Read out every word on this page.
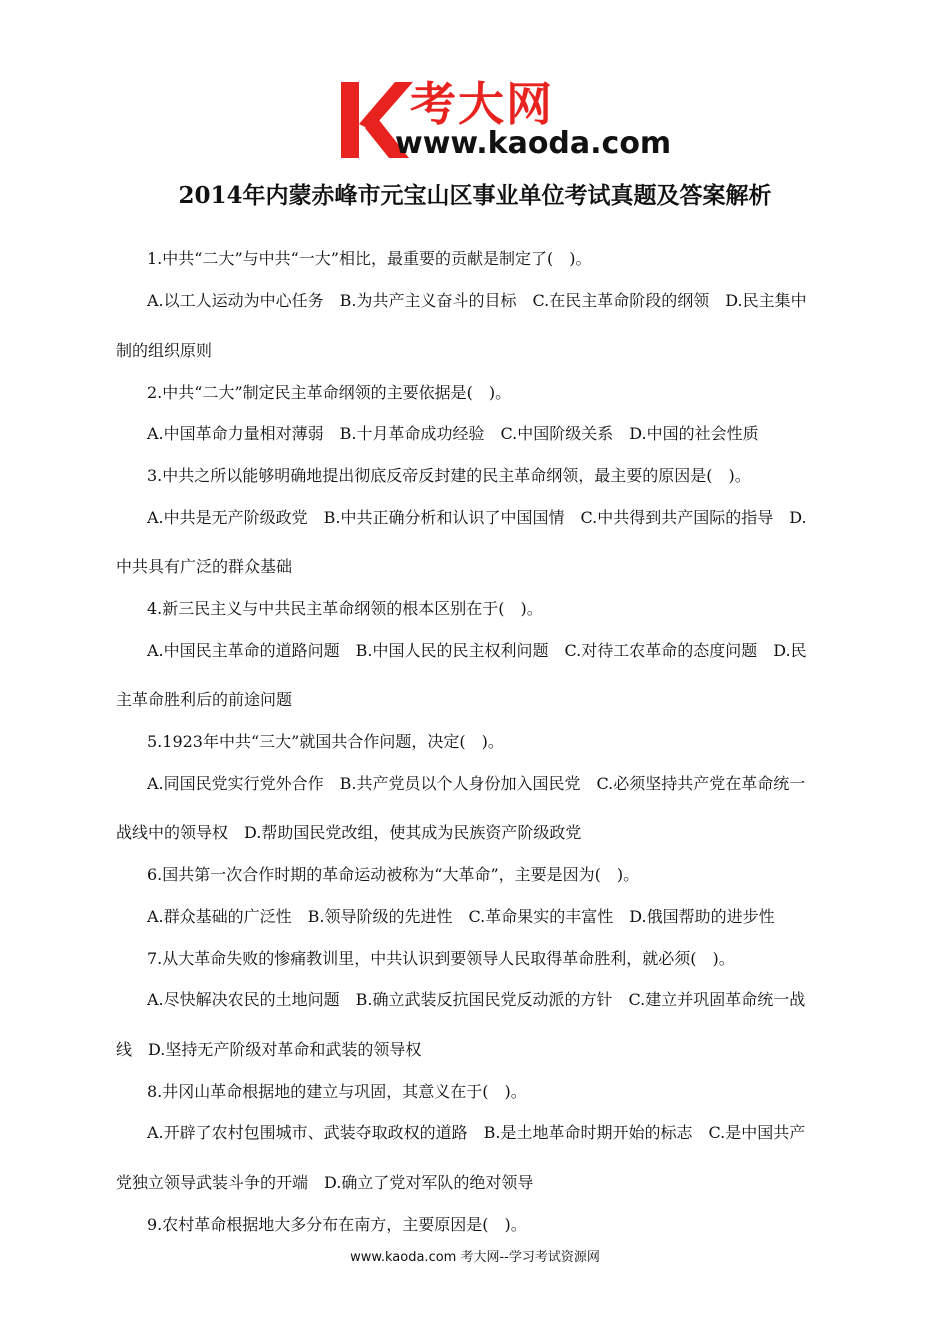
考大网
www.kaoda.com
2014年内蒙赤峰市元宝山区事业单位考试真题及答案解析
1.中共“二大”与中共“一大”相比，最重要的贡献是制定了(　)。
A.以工人运动为中心任务　B.为共产主义奋斗的目标　C.在民主革命阶段的纲领　D.民主集中
制的组织原则
2.中共“二大”制定民主革命纲领的主要依据是(　)。
A.中国革命力量相对薄弱　B.十月革命成功经验　C.中国阶级关系　D.中国的社会性质
3.中共之所以能够明确地提出彻底反帝反封建的民主革命纲领，最主要的原因是(　)。
A.中共是无产阶级政党　B.中共正确分析和认识了中国国情　C.中共得到共产国际的指导　D.
中共具有广泛的群众基础
4.新三民主义与中共民主革命纲领的根本区别在于(　)。
A.中国民主革命的道路问题　B.中国人民的民主权利问题　C.对待工农革命的态度问题　D.民
主革命胜利后的前途问题
5.1923年中共“三大”就国共合作问题，决定(　)。
A.同国民党实行党外合作　B.共产党员以个人身份加入国民党　C.必须坚持共产党在革命统一
战线中的领导权　D.帮助国民党改组，使其成为民族资产阶级政党
6.国共第一次合作时期的革命运动被称为“大革命”，主要是因为(　)。
A.群众基础的广泛性　B.领导阶级的先进性　C.革命果实的丰富性　D.俄国帮助的进步性
7.从大革命失败的惨痛教训里，中共认识到要领导人民取得革命胜利，就必须(　)。
A.尽快解决农民的土地问题　B.确立武装反抗国民党反动派的方针　C.建立并巩固革命统一战
线　D.坚持无产阶级对革命和武装的领导权
8.井冈山革命根据地的建立与巩固，其意义在于(　)。
A.开辟了农村包围城市、武装夺取政权的道路　B.是土地革命时期开始的标志　C.是中国共产
党独立领导武装斗争的开端　D.确立了党对军队的绝对领导
9.农村革命根据地大多分布在南方，主要原因是(　)。
www.kaoda.com 考大网--学习考试资源网
